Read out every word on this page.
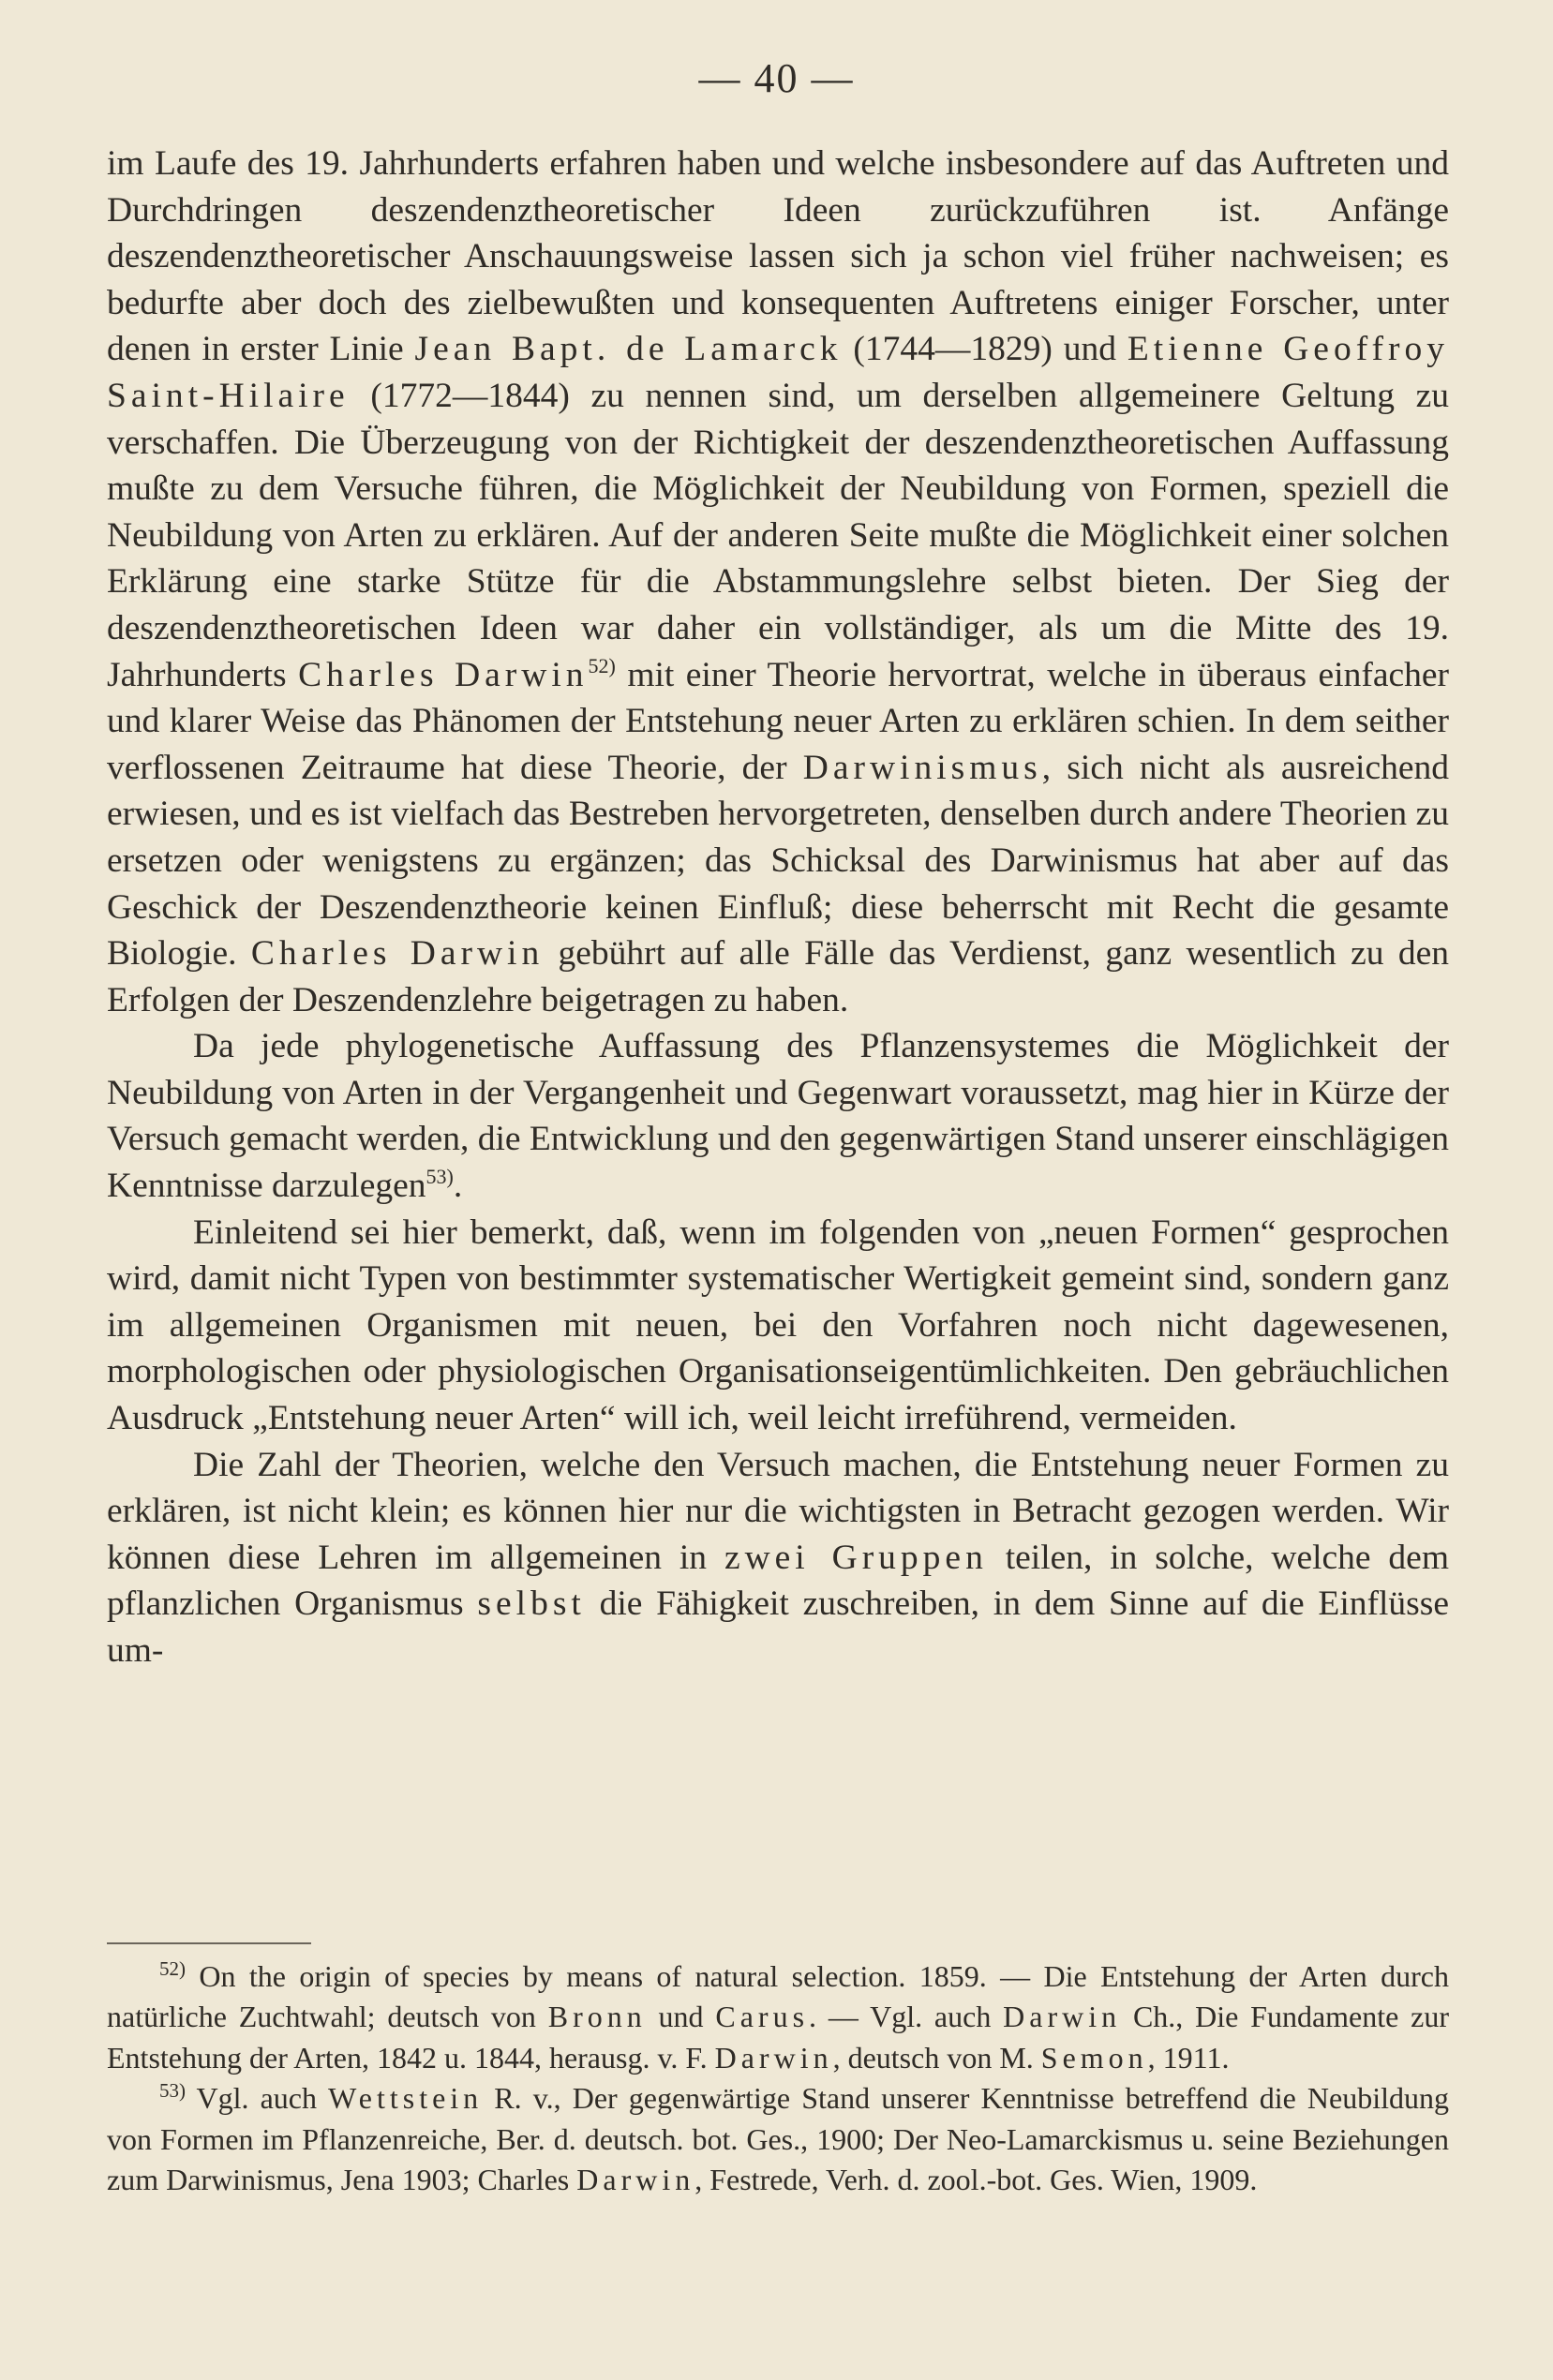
— 40 —

im Laufe des 19. Jahrhunderts erfahren haben und welche insbesondere auf das Auftreten und Durchdringen deszendenztheoretischer Ideen zurückzuführen ist. Anfänge deszendenztheoretischer Anschauungsweise lassen sich ja schon viel früher nachweisen; es bedurfte aber doch des zielbewußten und konsequenten Auftretens einiger Forscher, unter denen in erster Linie Jean Bapt. de Lamarck (1744—1829) und Etienne Geoffroy Saint-Hilaire (1772—1844) zu nennen sind, um derselben allgemeinere Geltung zu verschaffen. Die Überzeugung von der Richtigkeit der deszendenztheoretischen Auffassung mußte zu dem Versuche führen, die Möglichkeit der Neubildung von Formen, speziell die Neubildung von Arten zu erklären. Auf der anderen Seite mußte die Möglichkeit einer solchen Erklärung eine starke Stütze für die Abstammungslehre selbst bieten. Der Sieg der deszendenztheoretischen Ideen war daher ein vollständiger, als um die Mitte des 19. Jahrhunderts Charles Darwin$^{52)}$ mit einer Theorie hervortrat, welche in überaus einfacher und klarer Weise das Phänomen der Entstehung neuer Arten zu erklären schien. In dem seither verflossenen Zeitraume hat diese Theorie, der Darwinismus, sich nicht als ausreichend erwiesen, und es ist vielfach das Bestreben hervorgetreten, denselben durch andere Theorien zu ersetzen oder wenigstens zu ergänzen; das Schicksal des Darwinismus hat aber auf das Geschick der Deszendenztheorie keinen Einfluß; diese beherrscht mit Recht die gesamte Biologie. Charles Darwin gebührt auf alle Fälle das Verdienst, ganz wesentlich zu den Erfolgen der Deszendenzlehre beigetragen zu haben.

Da jede phylogenetische Auffassung des Pflanzensystemes die Möglichkeit der Neubildung von Arten in der Vergangenheit und Gegenwart voraussetzt, mag hier in Kürze der Versuch gemacht werden, die Entwicklung und den gegenwärtigen Stand unserer einschlägigen Kenntnisse darzulegen$^{53)}$.

Einleitend sei hier bemerkt, daß, wenn im folgenden von „neuen Formen“ gesprochen wird, damit nicht Typen von bestimmter systematischer Wertigkeit gemeint sind, sondern ganz im allgemeinen Organismen mit neuen, bei den Vorfahren noch nicht dagewesenen, morphologischen oder physiologischen Organisationseigentümlichkeiten. Den gebräuchlichen Ausdruck „Entstehung neuer Arten“ will ich, weil leicht irreführend, vermeiden.

Die Zahl der Theorien, welche den Versuch machen, die Entstehung neuer Formen zu erklären, ist nicht klein; es können hier nur die wichtigsten in Betracht gezogen werden. Wir können diese Lehren im allgemeinen in zwei Gruppen teilen, in solche, welche dem pflanzlichen Organismus selbst die Fähigkeit zuschreiben, in dem Sinne auf die Einflüsse um-

$^{52)}$ On the origin of species by means of natural selection. 1859. — Die Entstehung der Arten durch natürliche Zuchtwahl; deutsch von Bronn und Carus. — Vgl. auch Darwin Ch., Die Fundamente zur Entstehung der Arten, 1842 u. 1844, herausg. v. F. Darwin, deutsch von M. Semon, 1911.

$^{53)}$ Vgl. auch Wettstein R. v., Der gegenwärtige Stand unserer Kenntnisse betreffend die Neubildung von Formen im Pflanzenreiche, Ber. d. deutsch. bot. Ges., 1900; Der Neo-Lamarckismus u. seine Beziehungen zum Darwinismus, Jena 1903; Charles Darwin, Festrede, Verh. d. zool.-bot. Ges. Wien, 1909.
